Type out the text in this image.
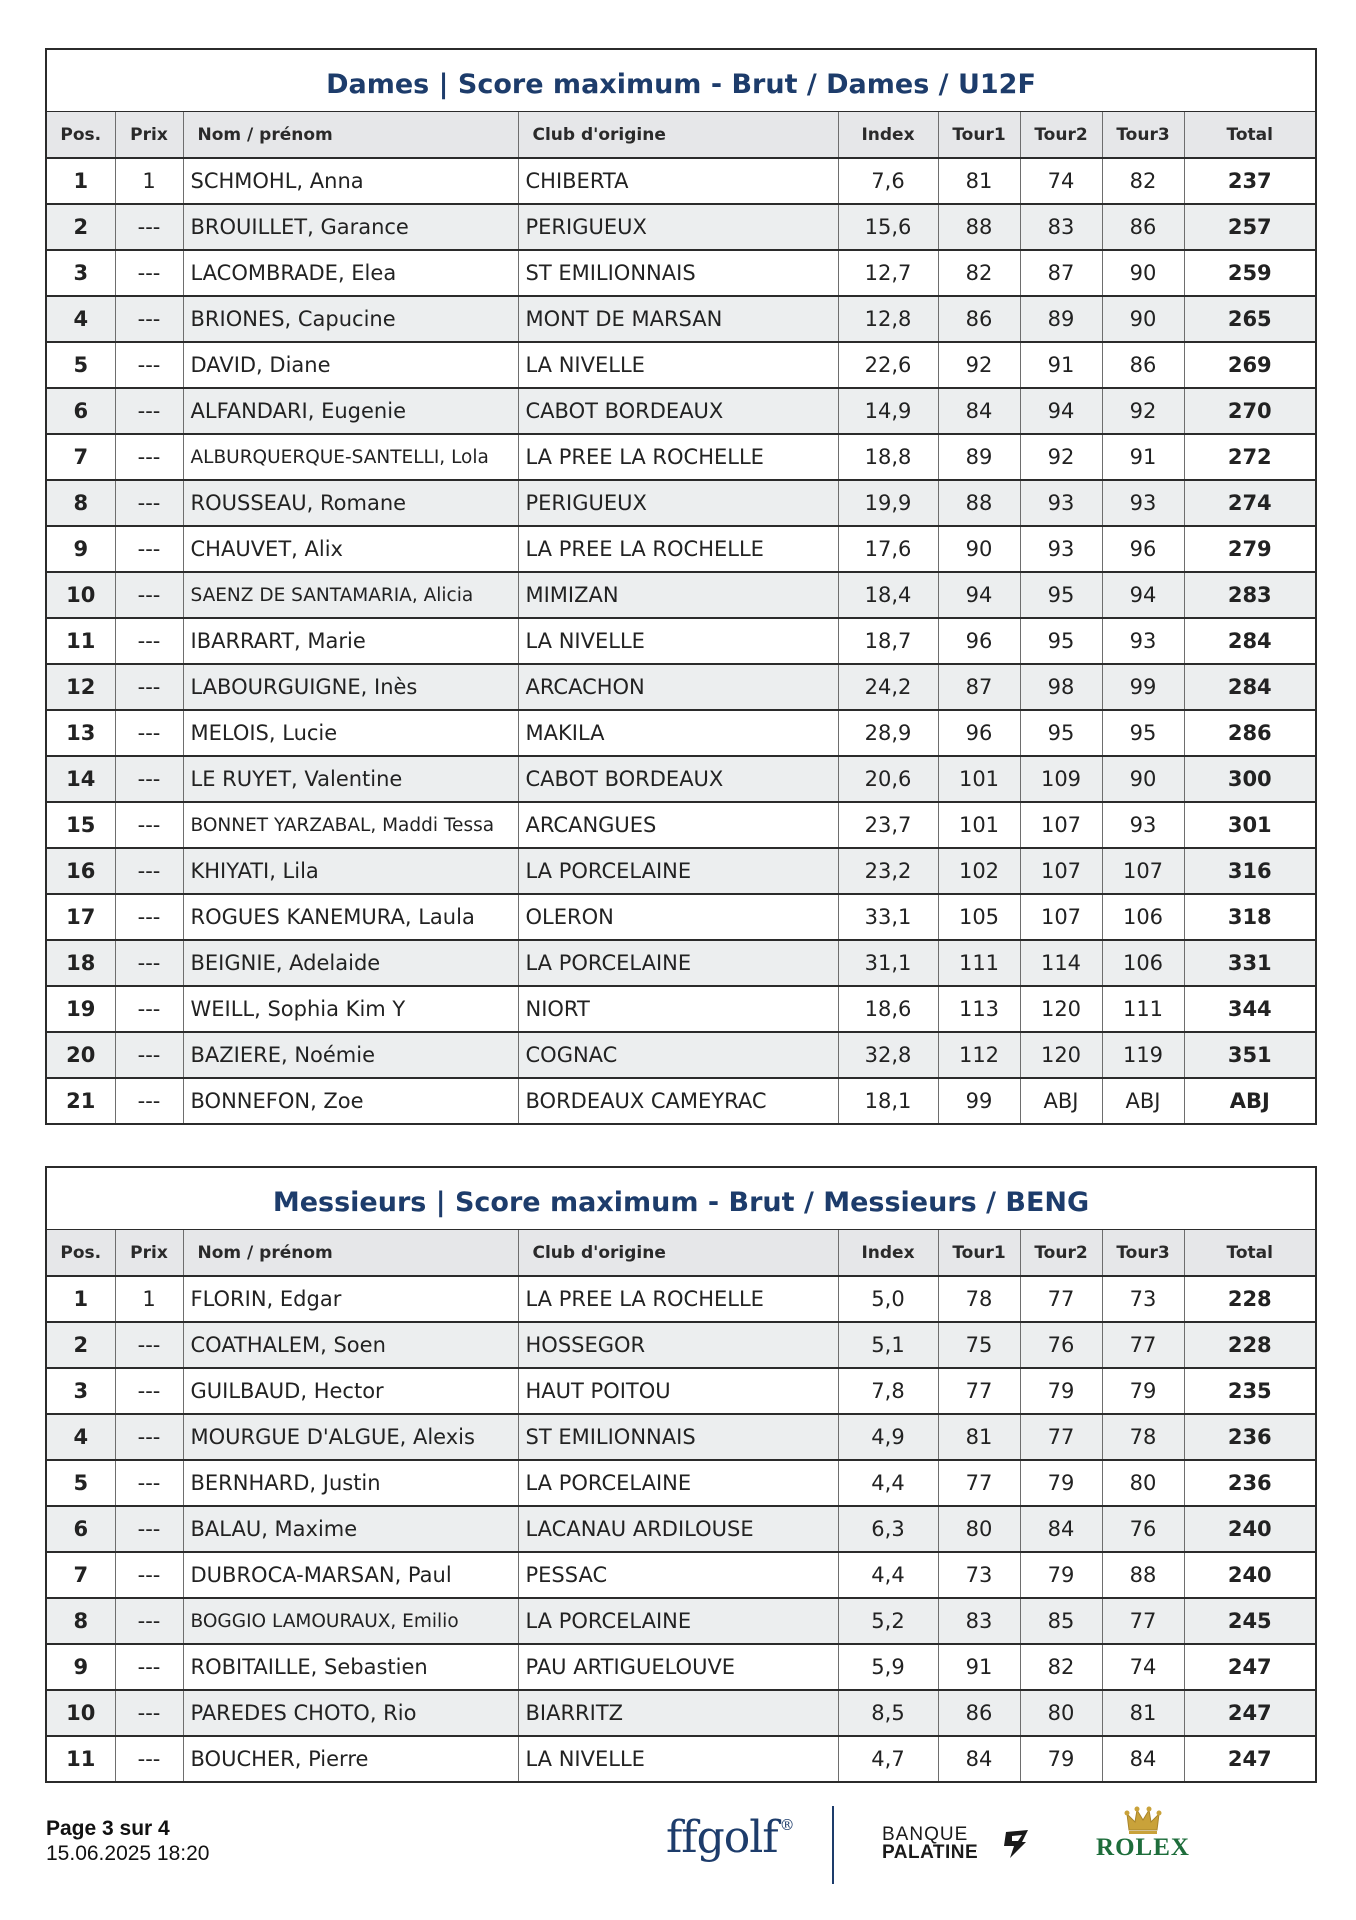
Dames | Score maximum - Brut / Dames / U12F
Pos.	Prix	Nom / prénom	Club d'origine	Index	Tour1	Tour2	Tour3	Total
1	1	SCHMOHL, Anna	CHIBERTA	7,6	81	74	82	237
2	---	BROUILLET, Garance	PERIGUEUX	15,6	88	83	86	257
3	---	LACOMBRADE, Elea	ST EMILIONNAIS	12,7	82	87	90	259
4	---	BRIONES, Capucine	MONT DE MARSAN	12,8	86	89	90	265
5	---	DAVID, Diane	LA NIVELLE	22,6	92	91	86	269
6	---	ALFANDARI, Eugenie	CABOT BORDEAUX	14,9	84	94	92	270
7	---	ALBURQUERQUE-SANTELLI, Lola	LA PREE LA ROCHELLE	18,8	89	92	91	272
8	---	ROUSSEAU, Romane	PERIGUEUX	19,9	88	93	93	274
9	---	CHAUVET, Alix	LA PREE LA ROCHELLE	17,6	90	93	96	279
10	---	SAENZ DE SANTAMARIA, Alicia	MIMIZAN	18,4	94	95	94	283
11	---	IBARRART, Marie	LA NIVELLE	18,7	96	95	93	284
12	---	LABOURGUIGNE, Inès	ARCACHON	24,2	87	98	99	284
13	---	MELOIS, Lucie	MAKILA	28,9	96	95	95	286
14	---	LE RUYET, Valentine	CABOT BORDEAUX	20,6	101	109	90	300
15	---	BONNET YARZABAL, Maddi Tessa	ARCANGUES	23,7	101	107	93	301
16	---	KHIYATI, Lila	LA PORCELAINE	23,2	102	107	107	316
17	---	ROGUES KANEMURA, Laula	OLERON	33,1	105	107	106	318
18	---	BEIGNIE, Adelaide	LA PORCELAINE	31,1	111	114	106	331
19	---	WEILL, Sophia Kim Y	NIORT	18,6	113	120	111	344
20	---	BAZIERE, Noémie	COGNAC	32,8	112	120	119	351
21	---	BONNEFON, Zoe	BORDEAUX CAMEYRAC	18,1	99	ABJ	ABJ	ABJ
Messieurs | Score maximum - Brut / Messieurs / BENG
Pos.	Prix	Nom / prénom	Club d'origine	Index	Tour1	Tour2	Tour3	Total
1	1	FLORIN, Edgar	LA PREE LA ROCHELLE	5,0	78	77	73	228
2	---	COATHALEM, Soen	HOSSEGOR	5,1	75	76	77	228
3	---	GUILBAUD, Hector	HAUT POITOU	7,8	77	79	79	235
4	---	MOURGUE D'ALGUE, Alexis	ST EMILIONNAIS	4,9	81	77	78	236
5	---	BERNHARD, Justin	LA PORCELAINE	4,4	77	79	80	236
6	---	BALAU, Maxime	LACANAU ARDILOUSE	6,3	80	84	76	240
7	---	DUBROCA-MARSAN, Paul	PESSAC	4,4	73	79	88	240
8	---	BOGGIO LAMOURAUX, Emilio	LA PORCELAINE	5,2	83	85	77	245
9	---	ROBITAILLE, Sebastien	PAU ARTIGUELOUVE	5,9	91	82	74	247
10	---	PAREDES CHOTO, Rio	BIARRITZ	8,5	86	80	81	247
11	---	BOUCHER, Pierre	LA NIVELLE	4,7	84	79	84	247
Page 3 sur 4
15.06.2025 18:20	ffgolf ®	BANQUE
PALATINE	ROLEX
